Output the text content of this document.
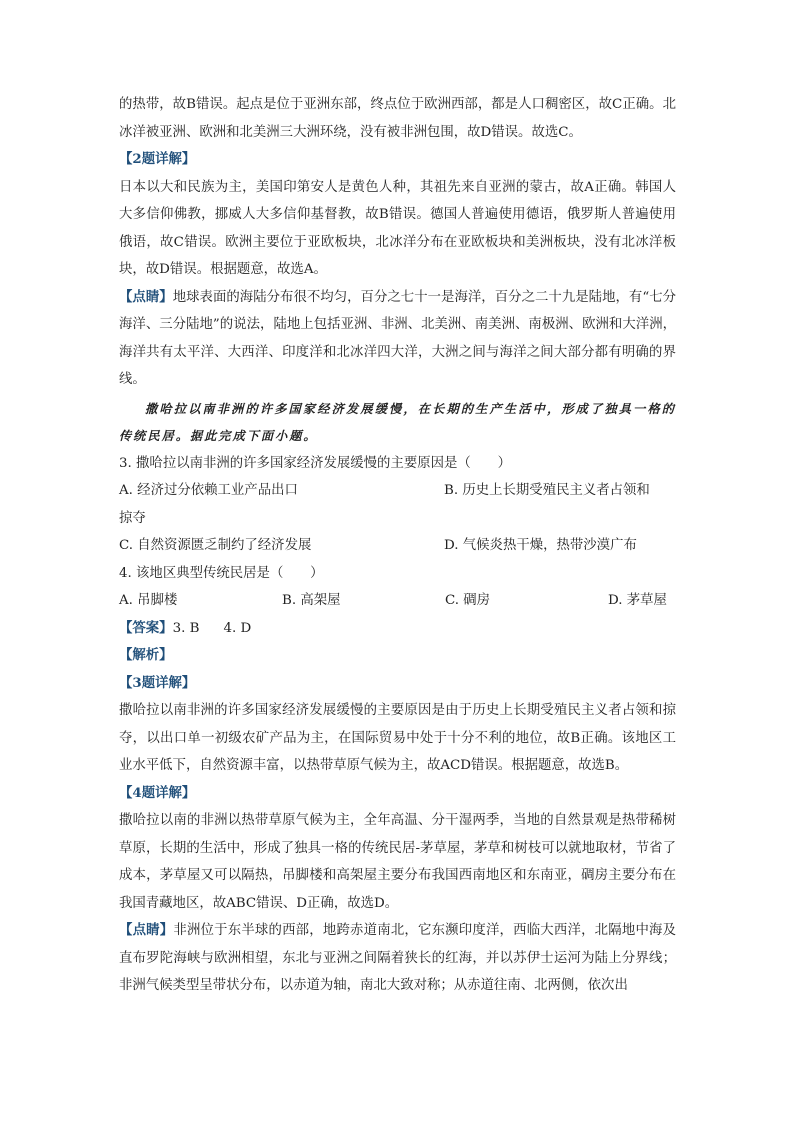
的热带，故B错误。起点是位于亚洲东部，终点位于欧洲西部，都是人口稠密区，故C正确。北冰洋被亚洲、欧洲和北美洲三大洲环绕，没有被非洲包围，故D错误。故选C。

【2题详解】

日本以大和民族为主，美国印第安人是黄色人种，其祖先来自亚洲的蒙古，故A正确。韩国人大多信仰佛教，挪威人大多信仰基督教，故B错误。德国人普遍使用德语，俄罗斯人普遍使用俄语，故C错误。欧洲主要位于亚欧板块，北冰洋分布在亚欧板块和美洲板块，没有北冰洋板块，故D错误。根据题意，故选A。

【点睛】地球表面的海陆分布很不均匀，百分之七十一是海洋，百分之二十九是陆地，有“七分海洋、三分陆地”的说法，陆地上包括亚洲、非洲、北美洲、南美洲、南极洲、欧洲和大洋洲，海洋共有太平洋、大西洋、印度洋和北冰洋四大洋，大洲之间与海洋之间大部分都有明确的界线。

撒哈拉以南非洲的许多国家经济发展缓慢，在长期的生产生活中，形成了独具一格的传统民居。据此完成下面小题。

3. 撒哈拉以南非洲的许多国家经济发展缓慢的主要原因是（　　）

A. 经济过分依赖工业产品出口	B. 历史上长期受殖民主义者占领和

掠夺

C. 自然资源匮乏制约了经济发展	D. 气候炎热干燥，热带沙漠广布

4. 该地区典型传统民居是（　　）

A. 吊脚楼	B. 高架屋	C. 碉房	D. 茅草屋

【答案】3. B 4. D

【解析】

【3题详解】

撒哈拉以南非洲的许多国家经济发展缓慢的主要原因是由于历史上长期受殖民主义者占领和掠夺，以出口单一初级农矿产品为主，在国际贸易中处于十分不利的地位，故B正确。该地区工业水平低下，自然资源丰富，以热带草原气候为主，故ACD错误。根据题意，故选B。

【4题详解】

撒哈拉以南的非洲以热带草原气候为主，全年高温、分干湿两季，当地的自然景观是热带稀树草原，长期的生活中，形成了独具一格的传统民居-茅草屋，茅草和树枝可以就地取材，节省了成本，茅草屋又可以隔热，吊脚楼和高架屋主要分布我国西南地区和东南亚，碉房主要分布在我国青藏地区，故ABC错误、D正确，故选D。

【点睛】非洲位于东半球的西部，地跨赤道南北，它东濒印度洋，西临大西洋，北隔地中海及直布罗陀海峡与欧洲相望，东北与亚洲之间隔着狭长的红海，并以苏伊士运河为陆上分界线；非洲气候类型呈带状分布，以赤道为轴，南北大致对称；从赤道往南、北两侧，依次出
